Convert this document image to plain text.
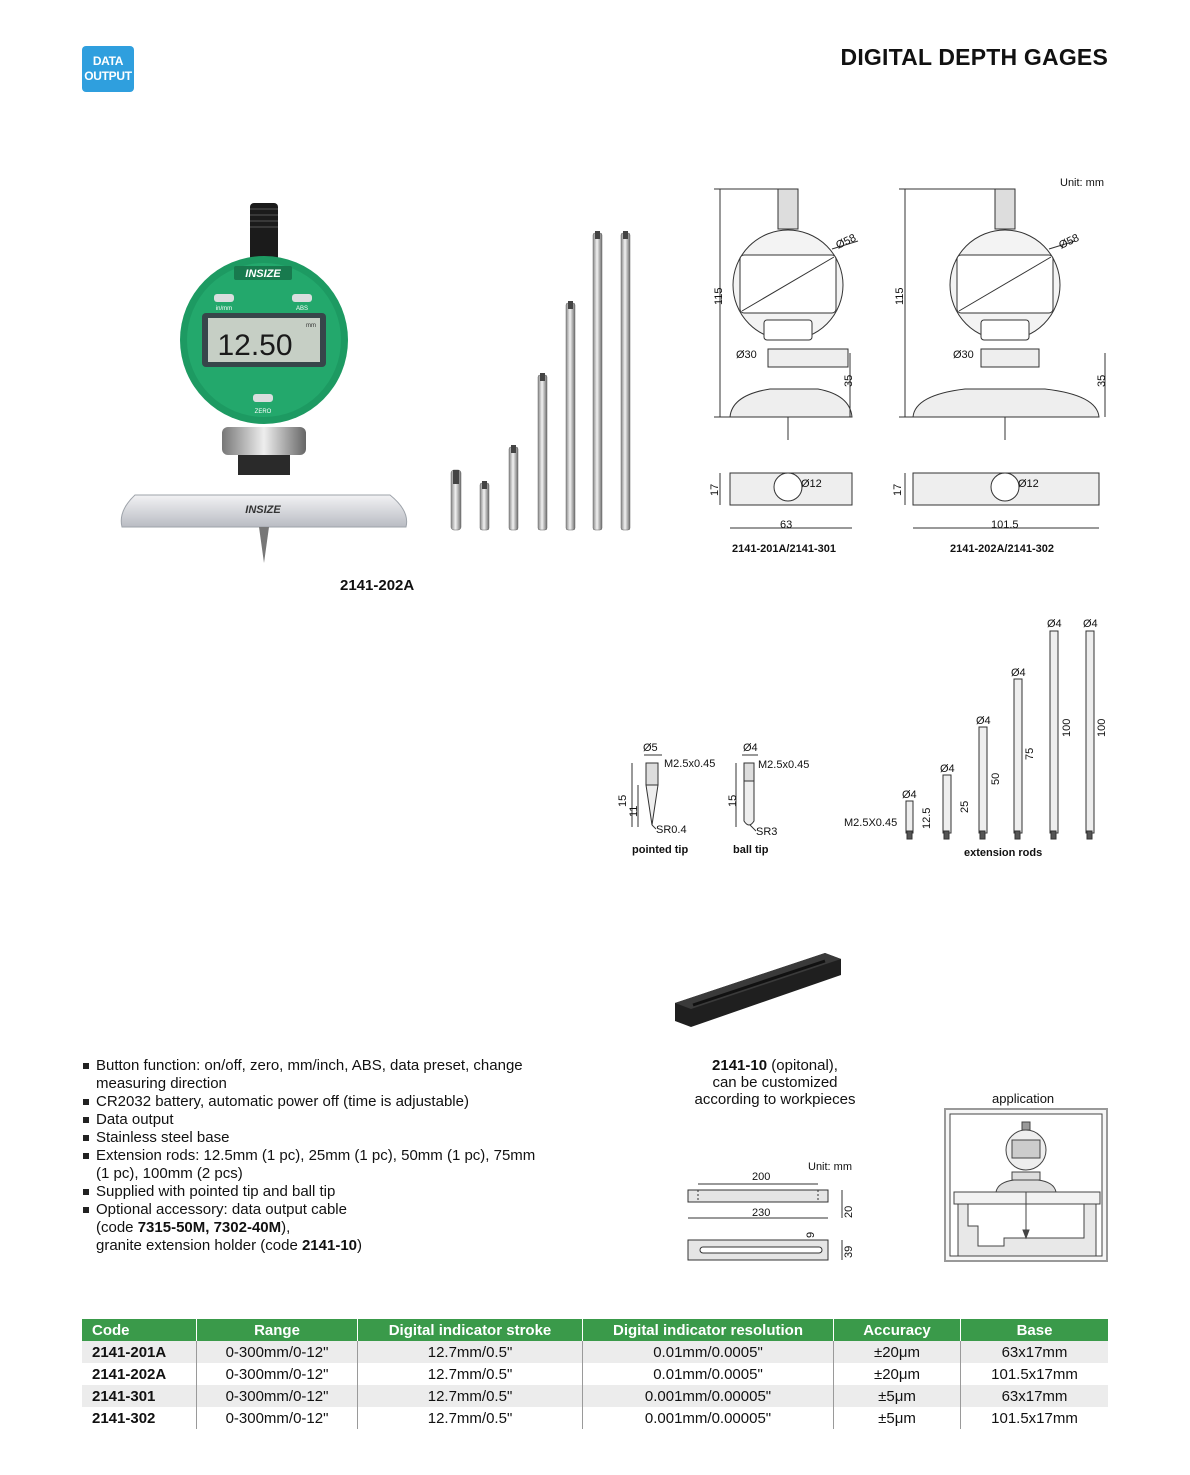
DATA
OUTPUT
DIGITAL DEPTH GAGES
INSIZE
in/mm	ABS
12.50
mm
ZERO
INSIZE
2141-202A
Unit: mm
115
Ø58
Ø30
35
17	Ø12
63
2141-201A/2141-301
115
Ø58
Ø30
35
17	Ø12
101.5
2141-202A/2141-302
Ø5
M2.5x0.45
15
11
SR0.4
Ø4
M2.5x0.45
15
SR3
pointed tip	ball tip
Ø4
Ø4
Ø4
Ø4
Ø4 Ø4
M2.5X0.45 12.5
25
50
75
100 100
extension rods
2141-10 (opitonal),
can be customized
according to workpieces
Button function: on/off, zero, mm/inch, ABS, data preset, change measuring direction
CR2032 battery, automatic power off (time is adjustable)
Data output
Stainless steel base
Extension rods: 12.5mm (1 pc), 25mm (1 pc), 50mm (1 pc), 75mm (1 pc), 100mm (2 pcs)
Supplied with pointed tip and ball tip
Optional accessory: data output cable
(code 7315-50M, 7302-40M),
granite extension holder (code 2141-10)
Unit: mm
200
230	20
9
39
application
Code	Range	Digital indicator stroke	Digital indicator resolution	Accuracy	Base
2141-201A	0-300mm/0-12"	12.7mm/0.5"	0.01mm/0.0005"	±20μm	63x17mm
2141-202A	0-300mm/0-12"	12.7mm/0.5"	0.01mm/0.0005"	±20μm	101.5x17mm
2141-301	0-300mm/0-12"	12.7mm/0.5"	0.001mm/0.00005"	±5μm	63x17mm
2141-302	0-300mm/0-12"	12.7mm/0.5"	0.001mm/0.00005"	±5μm	101.5x17mm
